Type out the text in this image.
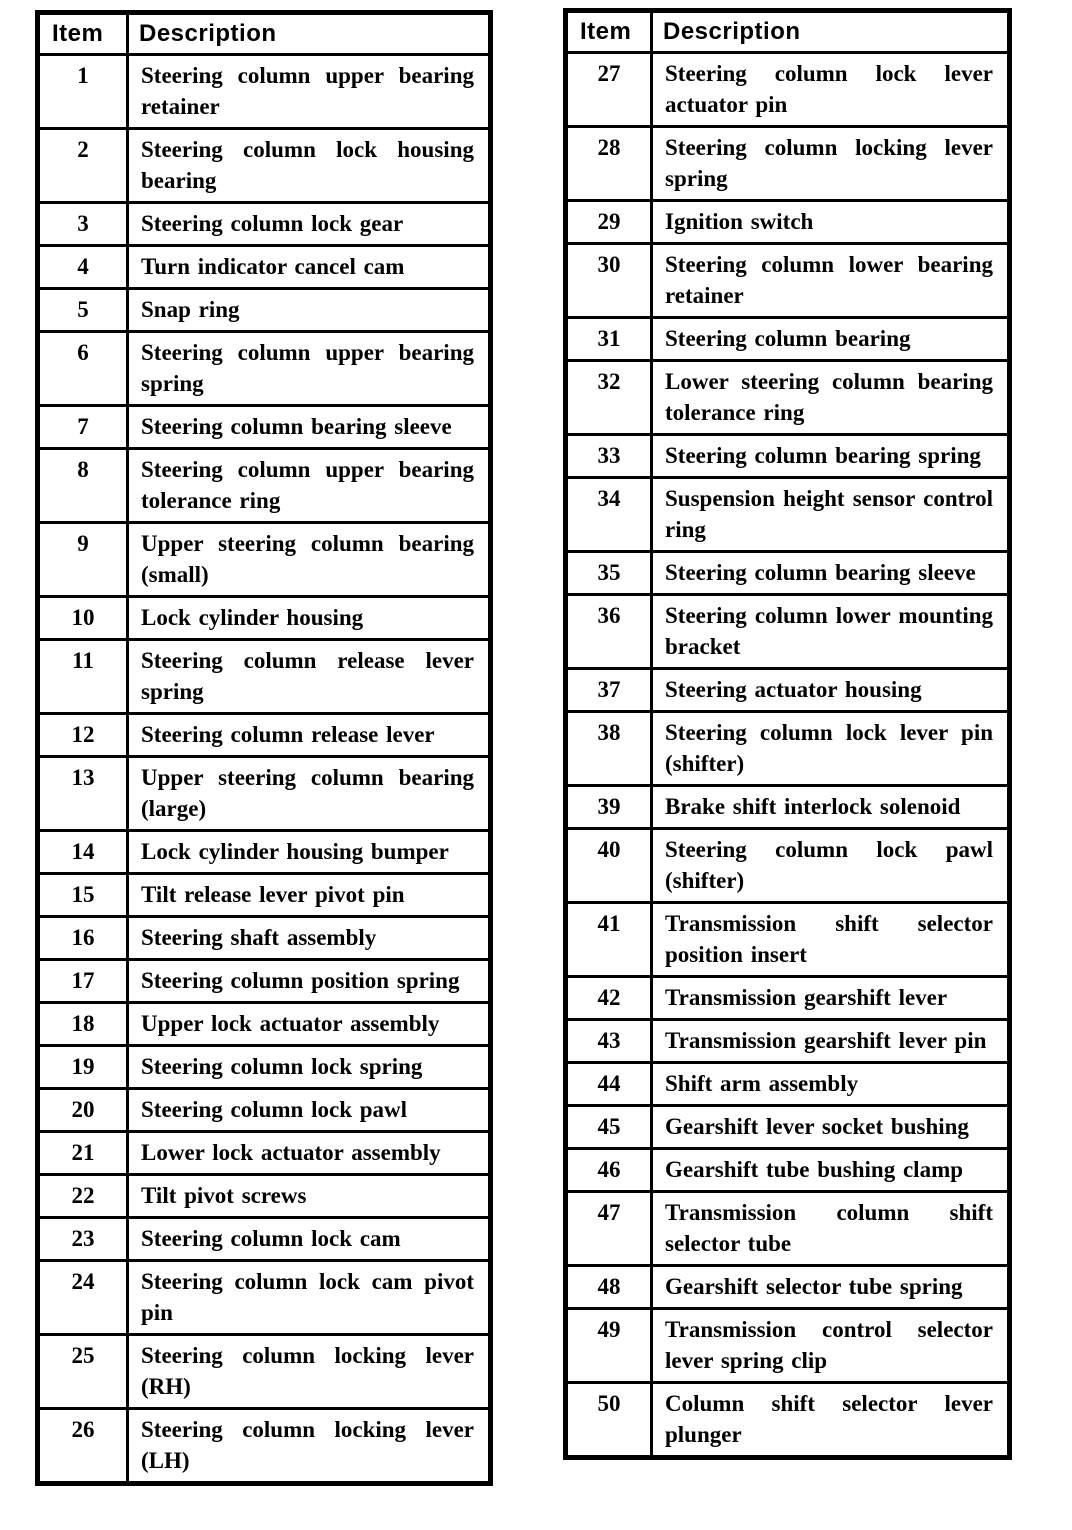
Item	Description
1	Steering column upper bearing retainer
2	Steering column lock housing bearing
3	Steering column lock gear
4	Turn indicator cancel cam
5	Snap ring
6	Steering column upper bearing spring
7	Steering column bearing sleeve
8	Steering column upper bearing tolerance ring
9	Upper steering column bearing (small)
10	Lock cylinder housing
11	Steering column release lever spring
12	Steering column release lever
13	Upper steering column bearing (large)
14	Lock cylinder housing bumper
15	Tilt release lever pivot pin
16	Steering shaft assembly
17	Steering column position spring
18	Upper lock actuator assembly
19	Steering column lock spring
20	Steering column lock pawl
21	Lower lock actuator assembly
22	Tilt pivot screws
23	Steering column lock cam
24	Steering column lock cam pivot pin
25	Steering column locking lever (RH)
26	Steering column locking lever (LH)
Item	Description
27	Steering column lock lever actuator pin
28	Steering column locking lever spring
29	Ignition switch
30	Steering column lower bearing retainer
31	Steering column bearing
32	Lower steering column bearing tolerance ring
33	Steering column bearing spring
34	Suspension height sensor control ring
35	Steering column bearing sleeve
36	Steering column lower mounting bracket
37	Steering actuator housing
38	Steering column lock lever pin (shifter)
39	Brake shift interlock solenoid
40	Steering column lock pawl (shifter)
41	Transmission shift selector position insert
42	Transmission gearshift lever
43	Transmission gearshift lever pin
44	Shift arm assembly
45	Gearshift lever socket bushing
46	Gearshift tube bushing clamp
47	Transmission column shift selector tube
48	Gearshift selector tube spring
49	Transmission control selector lever spring clip
50	Column shift selector lever plunger
